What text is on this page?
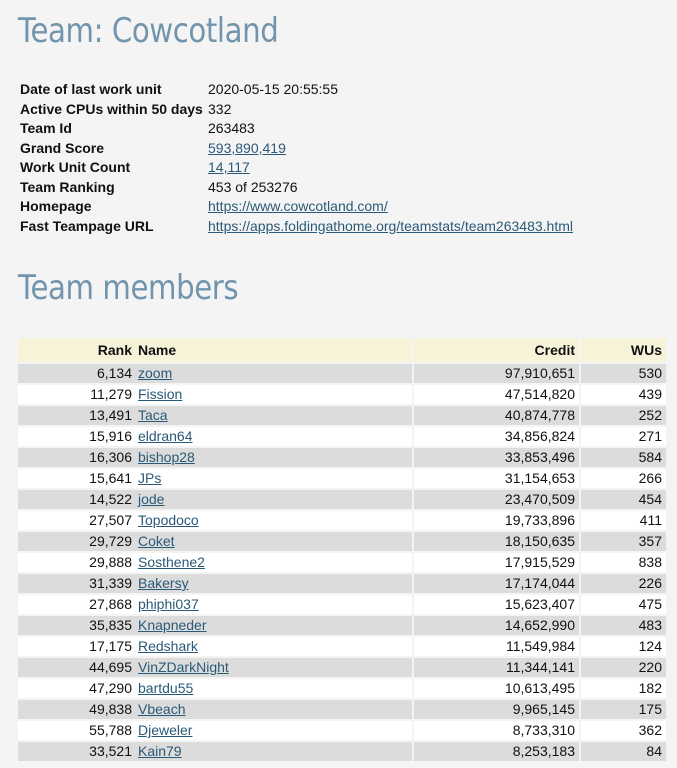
Team: Cowcotland
Date of last work unit	2020-05-15 20:55:55
Active CPUs within 50 days	332
Team Id	263483
Grand Score	593,890,419
Work Unit Count	14,117
Team Ranking	453 of 253276
Homepage	https://www.cowcotland.com/
Fast Teampage URL	https://apps.foldingathome.org/teamstats/team263483.html
Team members
Rank	Name	Credit	WUs
6,134	zoom	97,910,651	530
11,279	Fission	47,514,820	439
13,491	Taca	40,874,778	252
15,916	eldran64	34,856,824	271
16,306	bishop28	33,853,496	584
15,641	JPs	31,154,653	266
14,522	jode	23,470,509	454
27,507	Topodoco	19,733,896	411
29,729	Coket	18,150,635	357
29,888	Sosthene2	17,915,529	838
31,339	Bakersy	17,174,044	226
27,868	phiphi037	15,623,407	475
35,835	Knapneder	14,652,990	483
17,175	Redshark	11,549,984	124
44,695	VinZDarkNight	11,344,141	220
47,290	bartdu55	10,613,495	182
49,838	Vbeach	9,965,145	175
55,788	Djeweler	8,733,310	362
33,521	Kain79	8,253,183	84
